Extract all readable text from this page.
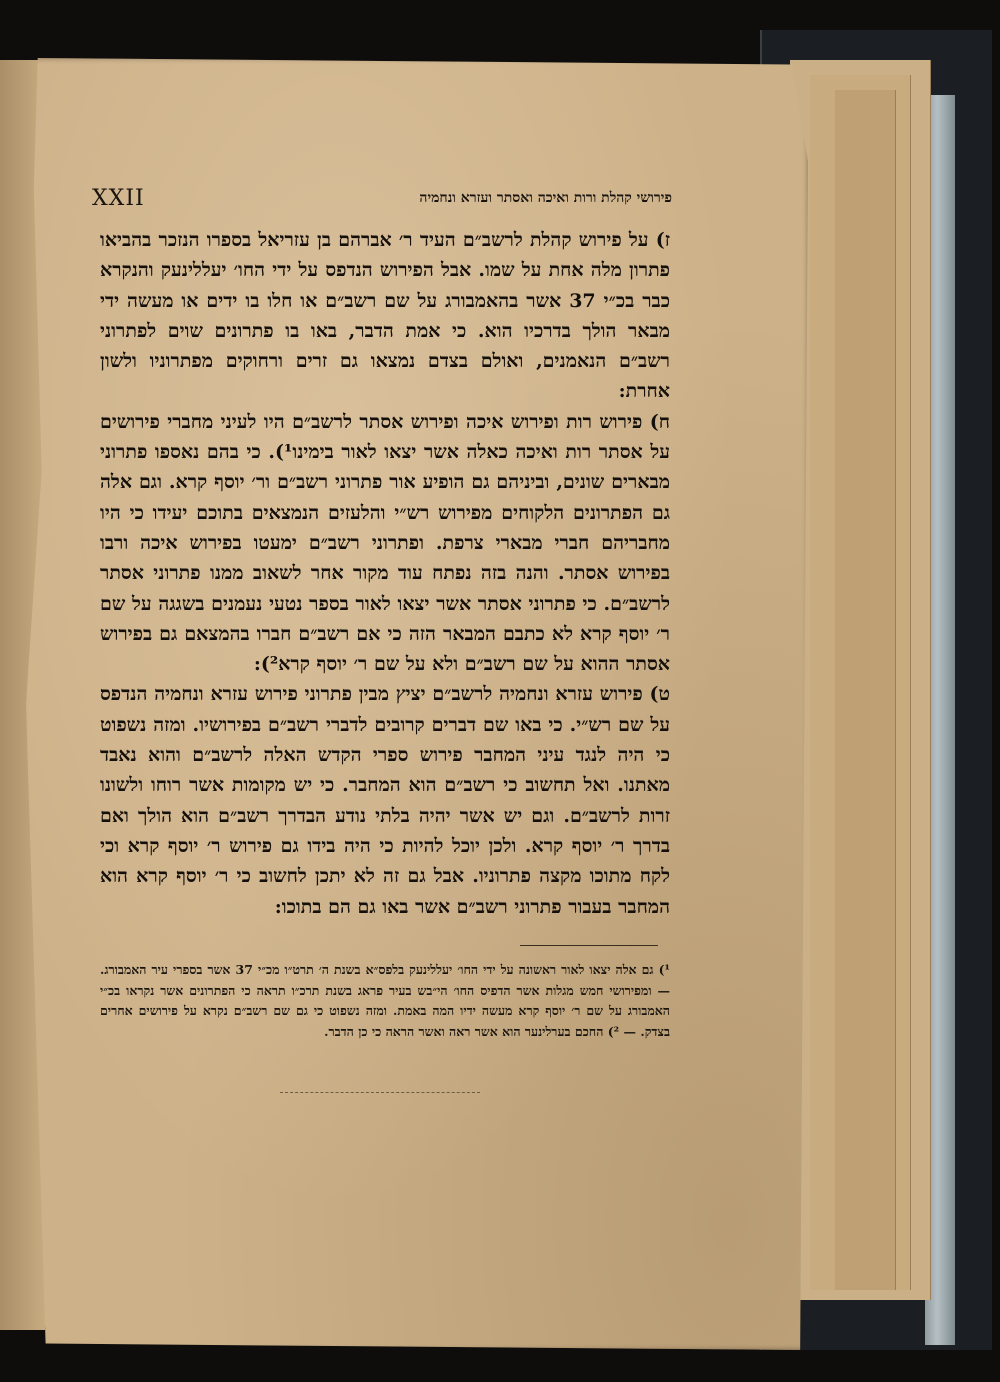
XXII	פירושי קהלת ורות ואיכה ואסתר ועזרא ונחמיה

ז) על פירוש קהלת לרשב״ם העיד ר׳ אברהם בן עזריאל בספרו הנזכר בהביאו פתרון מלה אחת על שמו. אבל הפירוש הנדפס על ידי החו׳ יעללינעק והנקרא כבר בכ״י 37 אשר בהאמבורג על שם רשב״ם או חלו בו ידים או מעשה ידי מבאר הולך בדרכיו הוא. כי אמת הדבר, באו בו פתרונים שוים לפתרוני רשב״ם הנאמנים, ואולם בצדם נמצאו גם זרים ורחוקים מפתרוניו ולשון אחרת:

ח) פירוש רות ופירוש איכה ופירוש אסתר לרשב״ם היו לעיני מחברי פירושים על אסתר רות ואיכה כאלה אשר יצאו לאור בימינו¹). כי בהם נאספו פתרוני מבארים שונים, וביניהם גם הופיע אור פתרוני רשב״ם ור׳ יוסף קרא. וגם אלה גם הפתרונים הלקוחים מפירוש רש״י והלעזים הנמצאים בתוכם יעידו כי היו מחבריהם חברי מבארי צרפת. ופתרוני רשב״ם ימעטו בפירוש איכה ורבו בפירוש אסתר. והנה בזה נפתח עוד מקור אחר לשאוב ממנו פתרוני אסתר לרשב״ם. כי פתרוני אסתר אשר יצאו לאור בספר נטעי נעמנים בשגגה על שם ר׳ יוסף קרא לא כתבם המבאר הזה כי אם רשב״ם חברו בהמצאם גם בפירוש אסתר ההוא על שם רשב״ם ולא על שם ר׳ יוסף קרא²):

ט) פירוש עזרא ונחמיה לרשב״ם יציץ מבין פתרוני פירוש עזרא ונחמיה הנדפס על שם רש״י. כי באו שם דברים קרובים לדברי רשב״ם בפירושיו. ומזה נשפוט כי היה לנגד עיני המחבר פירוש ספרי הקדש האלה לרשב״ם והוא נאבד מאתנו. ואל תחשוב כי רשב״ם הוא המחבר. כי יש מקומות אשר רוחו ולשונו זרות לרשב״ם. וגם יש אשר יהיה בלתי נודע הבדרך רשב״ם הוא הולך ואם בדרך ר׳ יוסף קרא. ולכן יוכל להיות כי היה בידו גם פירוש ר׳ יוסף קרא וכי לקח מתוכו מקצה פתרוניו. אבל גם זה לא יתכן לחשוב כי ר׳ יוסף קרא הוא המחבר בעבור פתרוני רשב״ם אשר באו גם הם בתוכו:

¹) גם אלה יצאו לאור ראשונה על ידי החו׳ יעללינעק בלפס״א בשנת ה׳ תרט״ו מכ״י 37 אשר בספרי עיר האמבורג. — ומפירושי חמש מגלות אשר הדפיס החו׳ הי״בש בעיר פראג בשנת תרכ״ו תראה כי הפתרונים אשר נקראו בכ״י האמבורג על שם ר׳ יוסף קרא מעשה ידיו המה באמת. ומזה נשפוט כי גם שם רשב״ם נקרא על פירושים אחרים בצדק. — ²) החכם בערלינער הוא אשר ראה ואשר הראה כי כן הדבר.
